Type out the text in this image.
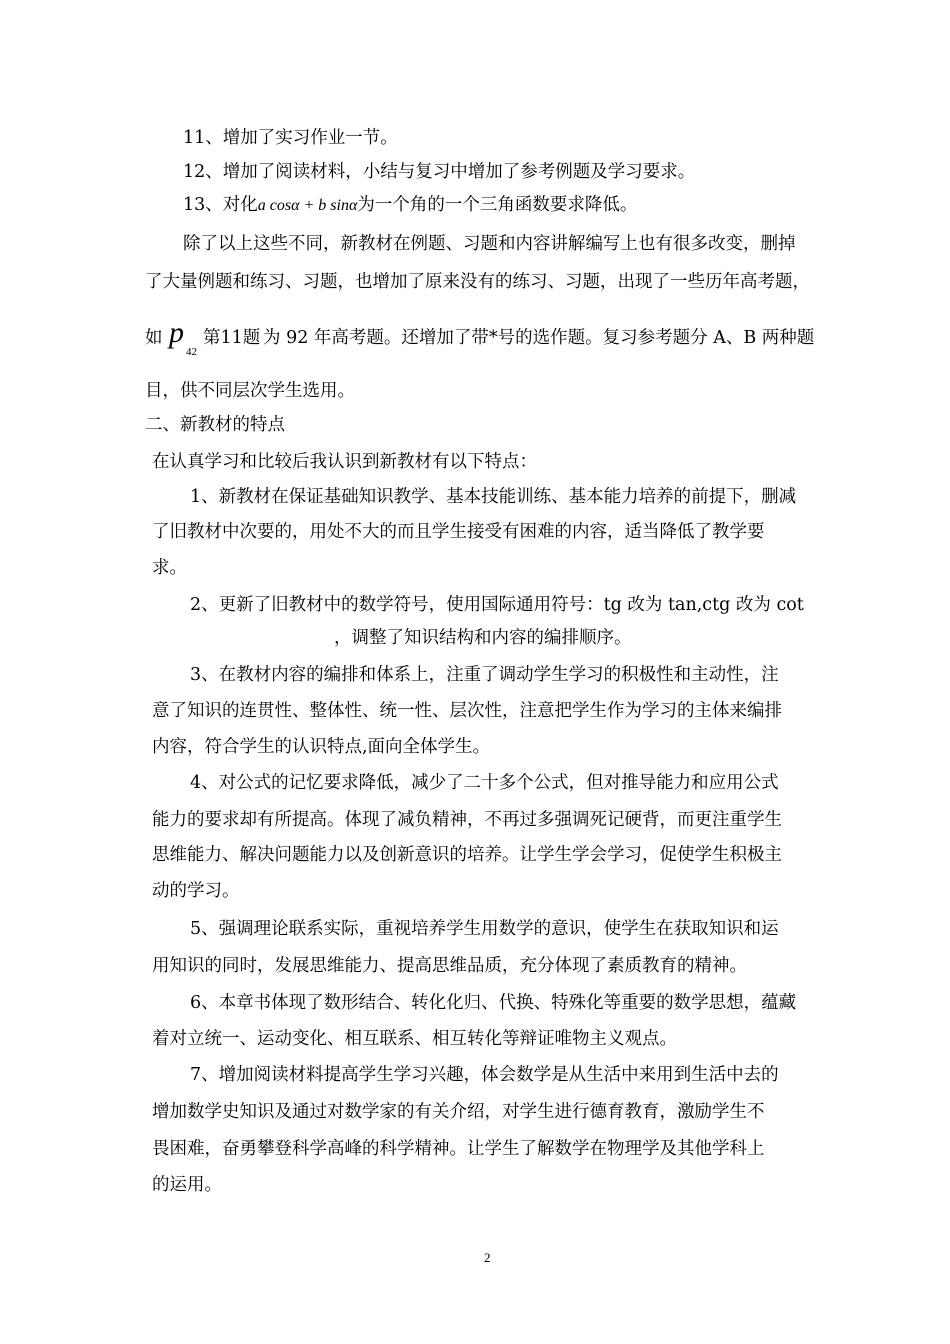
11、增加了实习作业一节。
12、增加了阅读材料，小结与复习中增加了参考例题及学习要求。
13、对化a cosα + b sinα为一个角的一个三角函数要求降低。
除了以上这些不同，新教材在例题、习题和内容讲解编写上也有很多改变，删掉
了大量例题和练习、习题，也增加了原来没有的练习、习题，出现了一些历年高考题，
如 p
42
第11题 为 92 年高考题。还增加了带*号的选作题。复习参考题分 A、B 两种题
目，供不同层次学生选用。
二、新教材的特点
在认真学习和比较后我认识到新教材有以下特点：
1、新教材在保证基础知识教学、基本技能训练、基本能力培养的前提下，删减
了旧教材中次要的，用处不大的而且学生接受有困难的内容，适当降低了教学要
求。
2、更新了旧教材中的数学符号，使用国际通用符号：tg 改为 tan,ctg 改为 cot
，调整了知识结构和内容的编排顺序。
3、在教材内容的编排和体系上，注重了调动学生学习的积极性和主动性，注
意了知识的连贯性、整体性、统一性、层次性，注意把学生作为学习的主体来编排
内容，符合学生的认识特点,面向全体学生。
4、对公式的记忆要求降低，减少了二十多个公式，但对推导能力和应用公式
能力的要求却有所提高。体现了减负精神，不再过多强调死记硬背，而更注重学生
思维能力、解决问题能力以及创新意识的培养。让学生学会学习，促使学生积极主
动的学习。
5、强调理论联系实际，重视培养学生用数学的意识，使学生在获取知识和运
用知识的同时，发展思维能力、提高思维品质，充分体现了素质教育的精神。
6、本章书体现了数形结合、转化化归、代换、特殊化等重要的数学思想，蕴藏
着对立统一、运动变化、相互联系、相互转化等辩证唯物主义观点。
7、增加阅读材料提高学生学习兴趣，体会数学是从生活中来用到生活中去的
增加数学史知识及通过对数学家的有关介绍，对学生进行德育教育，激励学生不
畏困难，奋勇攀登科学高峰的科学精神。让学生了解数学在物理学及其他学科上
的运用。
2
